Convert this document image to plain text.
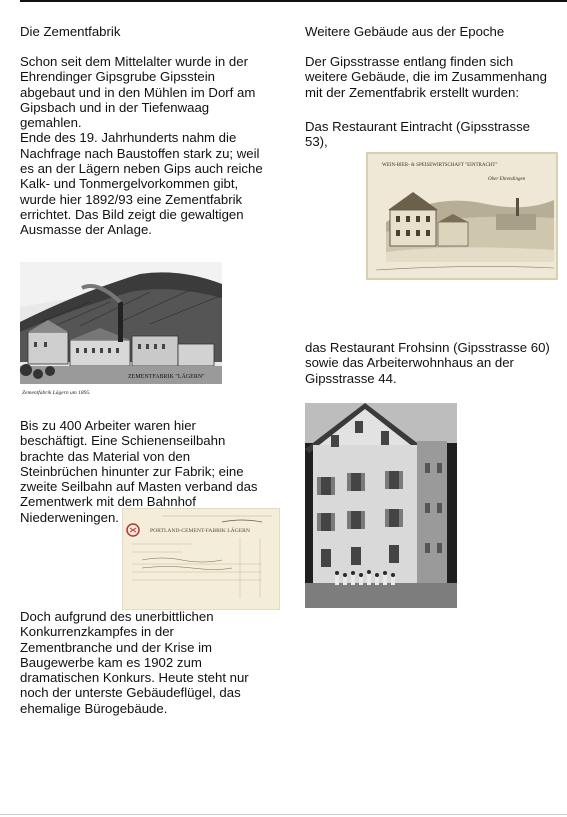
Die Zementfabrik

Schon seit dem Mittelalter wurde in der
Ehrendinger Gipsgrube Gipsstein
abgebaut und in den Mühlen im Dorf am
Gipsbach und in der Tiefenwaag
gemahlen.
Ende des 19. Jahrhunderts nahm die
Nachfrage nach Baustoffen stark zu; weil
es an der Lägern neben Gips auch reiche
Kalk- und Tonmergelvorkommen gibt,
wurde hier 1892/93 eine Zementfabrik
errichtet. Das Bild zeigt die gewaltigen
Ausmasse der Anlage.

ZEMENTFABRIK "LÄGERN"
Zementfabrik Lägern um 1895.
PORTLAND-CEMENT-FABRIK LÄGERN

Bis zu 400 Arbeiter waren hier
beschäftigt. Eine Schienenseilbahn
brachte das Material von den
Steinbrüchen hinunter zur Fabrik; eine
zweite Seilbahn auf Masten verband das
Zementwerk mit dem Bahnhof
Niederweningen.

Doch aufgrund des unerbittlichen
Konkurrenzkampfes in der
Zementbranche und der Krise im
Baugewerbe kam es 1902 zum
dramatischen Konkurs. Heute steht nur
noch der unterste Gebäudeflügel, das
ehemalige Bürogebäude.

Weitere Gebäude aus der Epoche

Der Gipsstrasse entlang finden sich
weitere Gebäude, die im Zusammenhang
mit der Zementfabrik erstellt wurden:

Das Restaurant Eintracht (Gipsstrasse
53),

WEIN-BIER- & SPEISEWIRTSCHAFT "EINTRACHT"
Ober Ehrendingen

das Restaurant Frohsinn (Gipsstrasse 60)
sowie das Arbeiterwohnhaus an der
Gipsstrasse 44.
